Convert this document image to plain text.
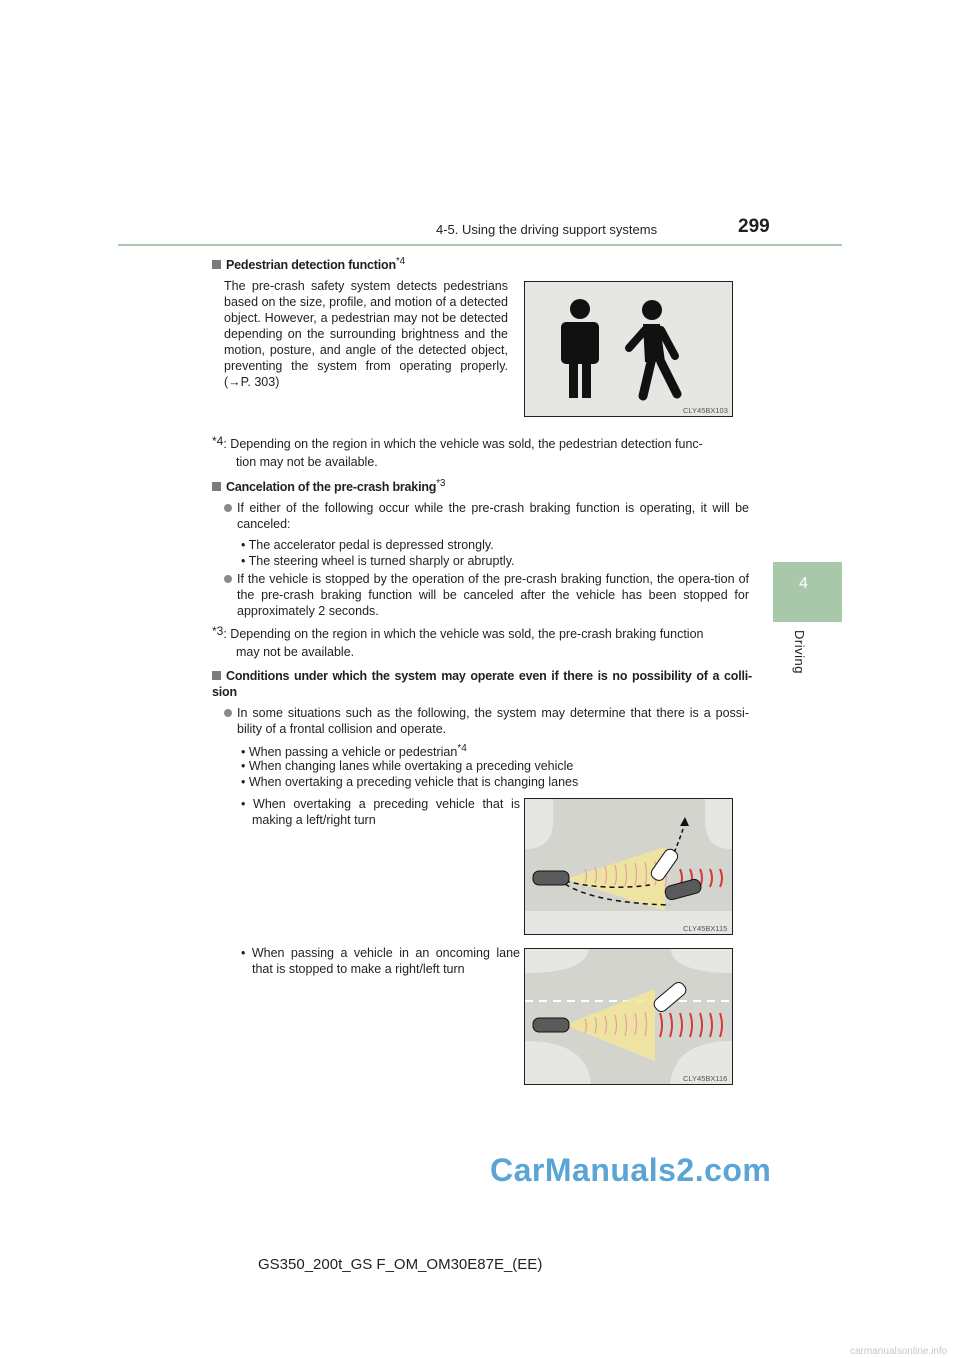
4-5. Using the driving support systems	299
4
Driving
Pedestrian detection function$^{*4}$
The pre-crash safety system detects pedestrians based on the size, profile, and motion of a detected object. However, a pedestrian may not be detected depending on the surrounding brightness and the motion, posture, and angle of the detected object, preventing the system from operating properly. (→P. 303)
CLY45BX103
*4: Depending on the region in which the vehicle was sold, the pedestrian detection func-
tion may not be available.
Cancelation of the pre-crash braking$^{*3}$
If either of the following occur while the pre-crash braking function is operating, it will be canceled:
• The accelerator pedal is depressed strongly.
• The steering wheel is turned sharply or abruptly.
If the vehicle is stopped by the operation of the pre-crash braking function, the opera-tion of the pre-crash braking function will be canceled after the vehicle has been stopped for approximately 2 seconds.
*3: Depending on the region in which the vehicle was sold, the pre-crash braking function
may not be available.
Conditions under which the system may operate even if there is no possibility of a colli-sion
In some situations such as the following, the system may determine that there is a possi-bility of a frontal collision and operate.
• When passing a vehicle or pedestrian$^{*4}$
• When changing lanes while overtaking a preceding vehicle
• When overtaking a preceding vehicle that is changing lanes
• When overtaking a preceding vehicle that is making a left/right turn
CLY45BX115
• When passing a vehicle in an oncoming lane that is stopped to make a right/left turn
CLY45BX116
CarManuals2.com
GS350_200t_GS F_OM_OM30E87E_(EE)
carmanualsonline.info
